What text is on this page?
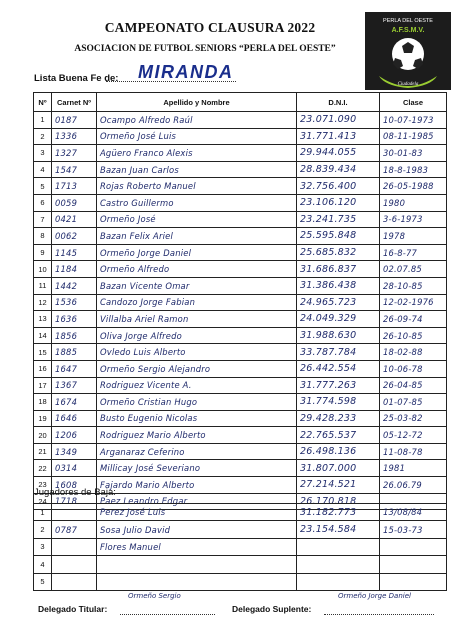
CAMPEONATO CLAUSURA 2022
ASOCIACION DE FUTBOL SENIORS “PERLA DEL OESTE”
PERLA DEL OESTE
A.F.S.M.V.
Ciudadela
Lista Buena Fe de: MIRANDA
Nº	Carnet Nº	Apellido y Nombre	D.N.I.	Clase
1	0187	Ocampo Alfredo Raúl	23.071.090	10-07-1973
2	1336	Ormeño José Luis	31.771.413	08-11-1985
3	1327	Agüero Franco Alexis	29.944.055	30-01-83
4	1547	Bazan Juan Carlos	28.839.434	18-8-1983
5	1713	Rojas Roberto Manuel	32.756.400	26-05-1988
6	0059	Castro Guillermo	23.106.120	1980
7	0421	Ormeño José	23.241.735	3-6-1973
8	0062	Bazan Felix Ariel	25.595.848	1978
9	1145	Ormeño Jorge Daniel	25.685.832	16-8-77
10	1184	Ormeño Alfredo	31.686.837	02.07.85
11	1442	Bazan Vicente Omar	31.386.438	28-10-85
12	1536	Candozo Jorge Fabian	24.965.723	12-02-1976
13	1636	Villalba Ariel Ramon	24.049.329	26-09-74
14	1856	Oliva Jorge Alfredo	31.988.630	26-10-85
15	1885	Ovledo Luis Alberto	33.787.784	18-02-88
16	1647	Ormeño Sergio Alejandro	26.442.554	10-06-78
17	1367	Rodriguez Vicente A.	31.777.263	26-04-85
18	1674	Ormeño Cristian Hugo	31.774.598	01-07-85
19	1646	Busto Eugenio Nicolas	29.428.233	25-03-82
20	1206	Rodriguez Mario Alberto	22.765.537	05-12-72
21	1349	Arganaraz Ceferino	26.498.136	11-08-78
22	0314	Millicay José Severiano	31.807.000	1981
23	1608	Fajardo Mario Alberto	27.214.521	26.06.79
24	1718	Paez Leandro Edgar	26.170.818	
Jugadores de Baja:
1		Perez José Luis	31.182.773	13/08/84
2	0787	Sosa Julio David	23.154.584	15-03-73
3		Flores Manuel		
4				
5				
Delegado Titular:
Ormeño Sergio
Delegado Suplente:
Ormeño Jorge Daniel
